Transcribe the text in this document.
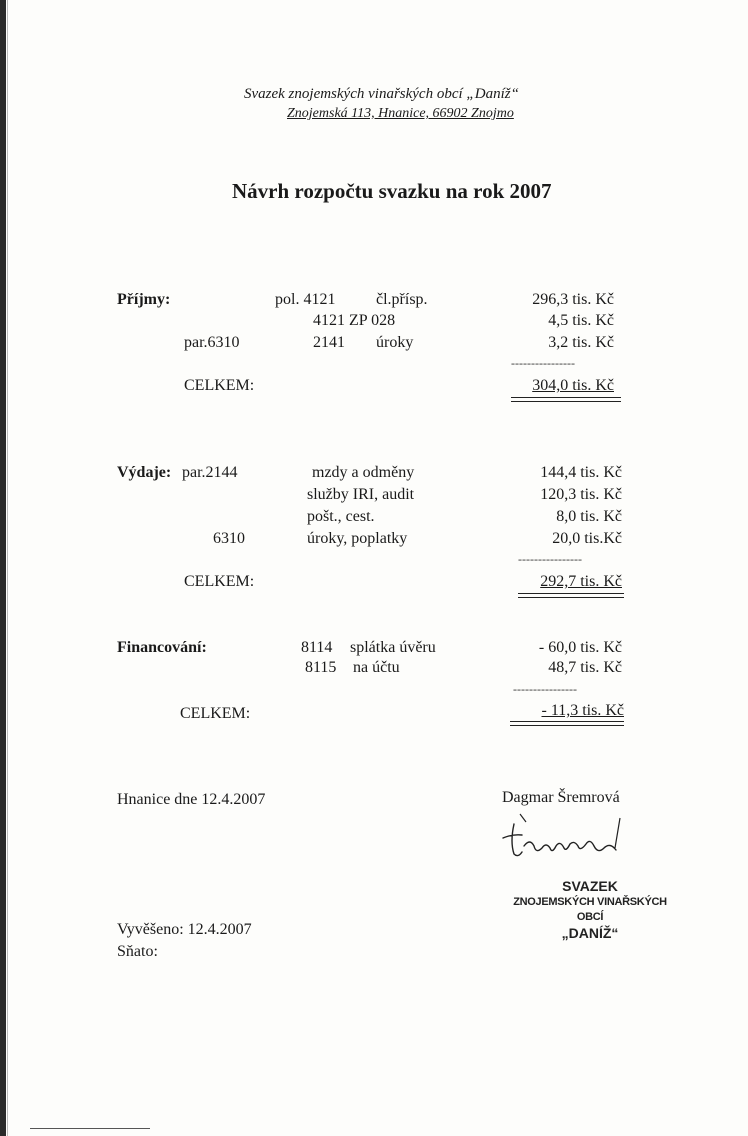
Svazek znojemských vinařských obcí „Daníž“
Znojemská 113, Hnanice, 66902 Znojmo
Návrh rozpočtu svazku na rok 2007
Příjmy:	pol. 4121	čl.přísp.	296,3 tis. Kč
4121 ZP 028	4,5 tis. Kč
par.6310	2141 úroky	3,2 tis. Kč
----------------
CELKEM:	304,0 tis. Kč
Výdaje: par.2144	mzdy a odměny	144,4 tis. Kč
služby IRI, audit	120,3 tis. Kč
pošt., cest.	8,0 tis. Kč
6310	úroky, poplatky	20,0 tis.Kč
----------------
CELKEM:	292,7 tis. Kč
Financování:	8114 splátka úvěru	- 60,0 tis. Kč
8115 na účtu	48,7 tis. Kč
----------------
CELKEM:	- 11,3 tis. Kč
Hnanice dne 12.4.2007	Dagmar Šremrová
SVAZEK
ZNOJEMSKÝCH VINAŘSKÝCH OBCÍ
„DANÍŽ“
Vyvěšeno: 12.4.2007
Sňato:
